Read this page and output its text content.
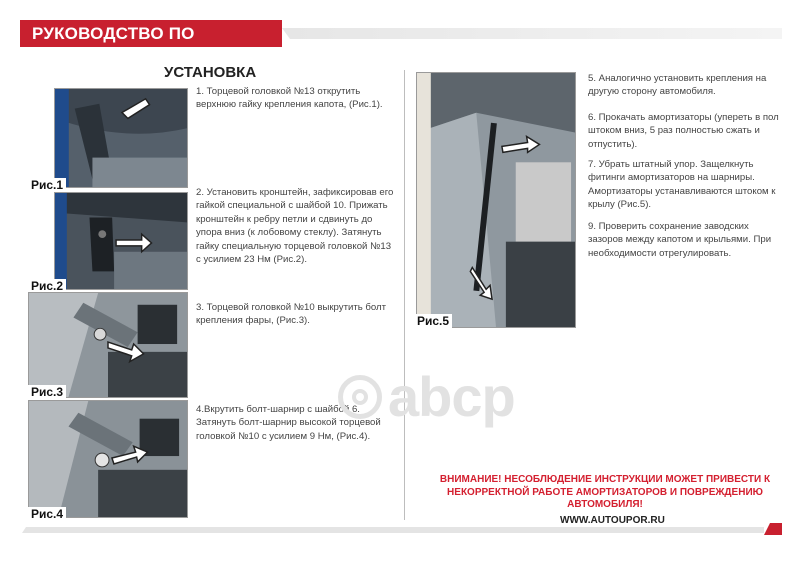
РУКОВОДСТВО ПО УСТАНОВКЕ
УСТАНОВКА
Рис.1
Рис.2
Рис.3
Рис.4
Рис.5
1. Торцевой головкой №13 открутить верхнюю гайку крепления капота, (Рис.1).
2. Установить кронштейн, зафиксировав его гайкой специальной с шайбой 10. Прижать кронштейн к ребру петли и сдвинуть до упора вниз (к лобовому стеклу). Затянуть гайку специальную торцевой головкой №13 с усилием 23 Нм (Рис.2).
3. Торцевой головкой №10 выкрутить болт крепления фары, (Рис.3).
4.Вкрутить болт-шарнир с шайбой 6. Затянуть болт-шарнир высокой торцевой головкой №10 с усилием 9 Нм, (Рис.4).
5. Аналогично установить крепления на другую сторону автомобиля.
6. Прокачать амортизаторы (упереть в пол штоком вниз, 5 раз полностью сжать и отпустить).
7. Убрать штатный упор. Защелкнуть фитинги амортизаторов на шарниры. Амортизаторы устанавливаются штоком к крылу (Рис.5).
9. Проверить сохранение заводских зазоров между капотом и крыльями. При необходимости отрегулировать.
abcp
ВНИМАНИЕ! НЕСОБЛЮДЕНИЕ ИНСТРУКЦИИ МОЖЕТ ПРИВЕСТИ К НЕКОРРЕКТНОЙ РАБОТЕ АМОРТИЗАТОРОВ И ПОВРЕЖДЕНИЮ АВТОМОБИЛЯ!
WWW.AUTOUPOR.RU
